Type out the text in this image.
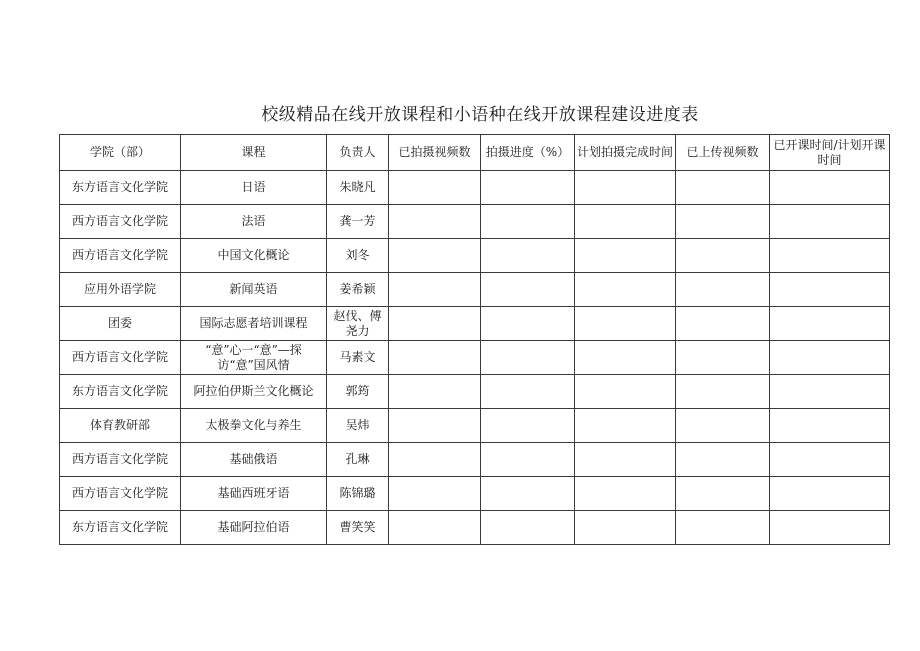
校级精品在线开放课程和小语种在线开放课程建设进度表
学院（部）	课程	负责人	已拍摄视频数	拍摄进度（%）	计划拍摄完成时间	已上传视频数	已开课时间/计划开课时间
东方语言文化学院	日语	朱晓凡					
西方语言文化学院	法语	龚一芳					
西方语言文化学院	中国文化概论	刘冬					
应用外语学院	新闻英语	姜希颖					
团委	国际志愿者培训课程	赵伐、傅尧力					
西方语言文化学院	“意”心一“意”—探访“意”国风情	马素文					
东方语言文化学院	阿拉伯伊斯兰文化概论	郭筠					
体育教研部	太极拳文化与养生	吴炜					
西方语言文化学院	基础俄语	孔琳					
西方语言文化学院	基础西班牙语	陈锦璐					
东方语言文化学院	基础阿拉伯语	曹笑笑					
